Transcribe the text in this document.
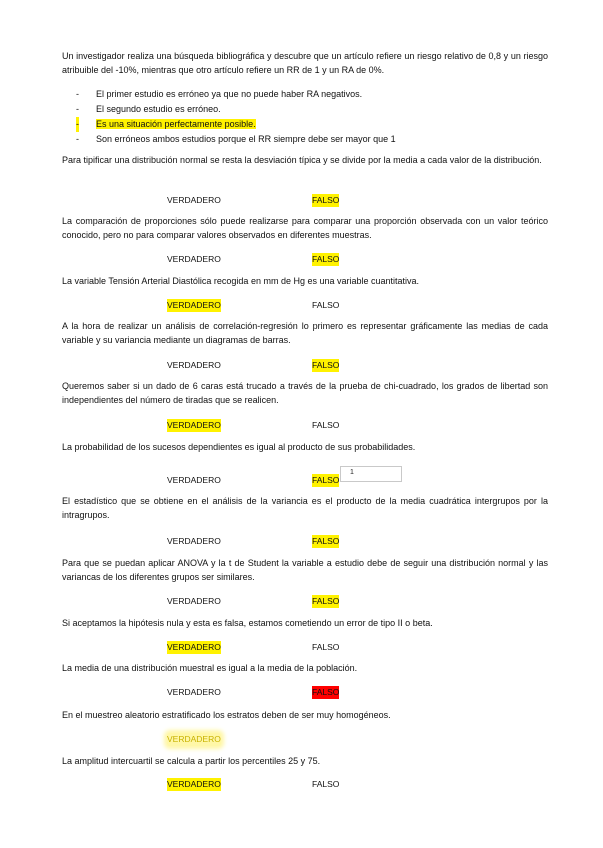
Un investigador realiza una búsqueda bibliográfica y descubre que un artículo refiere un riesgo relativo de 0,8 y un riesgo atribuible del -10%, mientras que otro artículo refiere un RR de 1 y un RA de 0%.
- El primer estudio es erróneo ya que no puede haber RA negativos.
- El segundo estudio es erróneo.
- Es una situación perfectamente posible.
- Son erróneos ambos estudios porque el RR siempre debe ser mayor que 1
Para tipificar una distribución normal se resta la desviación típica y se divide por la media a cada valor de la distribución.
VERDADERO	FALSO
La comparación de proporciones sólo puede realizarse para comparar una proporción observada con un valor teórico conocido, pero no para comparar valores observados en diferentes muestras.
VERDADERO	FALSO
La variable Tensión Arterial Diastólica recogida en mm de Hg es una variable cuantitativa.
VERDADERO	FALSO
A la hora de realizar un análisis de correlación-regresión lo primero es representar gráficamente las medias de cada variable y su variancia mediante un diagramas de barras.
VERDADERO	FALSO
Queremos saber si un dado de 6 caras está trucado a través de la prueba de chi-cuadrado, los grados de libertad son independientes del número de tiradas que se realicen.
VERDADERO	FALSO
La probabilidad de los sucesos dependientes es igual al producto de sus probabilidades.
VERDADERO	FALSO
1
El estadístico que se obtiene en el análisis de la variancia es el producto de la media cuadrática intergrupos por la intragrupos.
VERDADERO	FALSO
Para que se puedan aplicar ANOVA y la t de Student la variable a estudio debe de seguir una distribución normal y las variancas de los diferentes grupos ser similares.
VERDADERO	FALSO
Si aceptamos la hipótesis nula y esta es falsa, estamos cometiendo un error de tipo II o beta.
VERDADERO	FALSO
La media de una distribución muestral es igual a la media de la población.
VERDADERO	FALSO
En el muestreo aleatorio estratificado los estratos deben de ser muy homogéneos.
VERDADERO
La amplitud intercuartil se calcula a partir los percentiles 25 y 75.
VERDADERO	FALSO
